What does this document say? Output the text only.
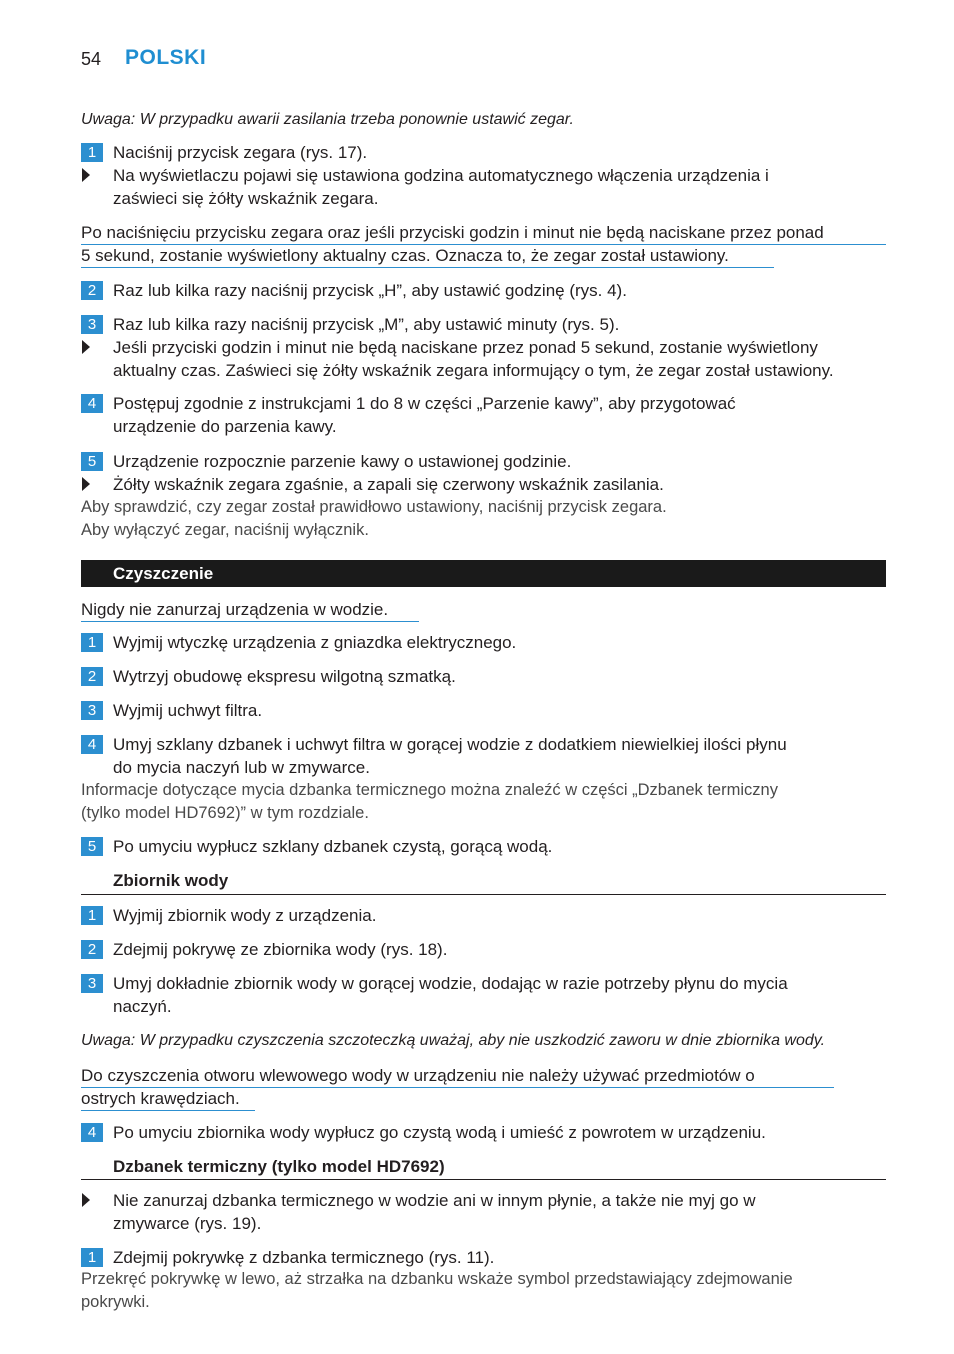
54 POLSKI
Uwaga: W przypadku awarii zasilania trzeba ponownie ustawić zegar.
1 Naciśnij przycisk zegara (rys. 17).
Na wyświetlaczu pojawi się ustawiona godzina automatycznego włączenia urządzenia i
zaświeci się żółty wskaźnik zegara.
Po naciśnięciu przycisku zegara oraz jeśli przyciski godzin i minut nie będą naciskane przez ponad
5 sekund, zostanie wyświetlony aktualny czas. Oznacza to, że zegar został ustawiony.
2 Raz lub kilka razy naciśnij przycisk „H”, aby ustawić godzinę (rys. 4).
3 Raz lub kilka razy naciśnij przycisk „M”, aby ustawić minuty (rys. 5).
Jeśli przyciski godzin i minut nie będą naciskane przez ponad 5 sekund, zostanie wyświetlony
aktualny czas. Zaświeci się żółty wskaźnik zegara informujący o tym, że zegar został ustawiony.
4 Postępuj zgodnie z instrukcjami 1 do 8 w części „Parzenie kawy”, aby przygotować
urządzenie do parzenia kawy.
5 Urządzenie rozpocznie parzenie kawy o ustawionej godzinie.
Żółty wskaźnik zegara zgaśnie, a zapali się czerwony wskaźnik zasilania.
Aby sprawdzić, czy zegar został prawidłowo ustawiony, naciśnij przycisk zegara.
Aby wyłączyć zegar, naciśnij wyłącznik.
Czyszczenie
Nigdy nie zanurzaj urządzenia w wodzie.
1 Wyjmij wtyczkę urządzenia z gniazdka elektrycznego.
2 Wytrzyj obudowę ekspresu wilgotną szmatką.
3 Wyjmij uchwyt filtra.
4 Umyj szklany dzbanek i uchwyt filtra w gorącej wodzie z dodatkiem niewielkiej ilości płynu
do mycia naczyń lub w zmywarce.
Informacje dotyczące mycia dzbanka termicznego można znaleźć w części „Dzbanek termiczny
(tylko model HD7692)” w tym rozdziale.
5 Po umyciu wypłucz szklany dzbanek czystą, gorącą wodą.
Zbiornik wody
1 Wyjmij zbiornik wody z urządzenia.
2 Zdejmij pokrywę ze zbiornika wody (rys. 18).
3 Umyj dokładnie zbiornik wody w gorącej wodzie, dodając w razie potrzeby płynu do mycia
naczyń.
Uwaga: W przypadku czyszczenia szczoteczką uważaj, aby nie uszkodzić zaworu w dnie zbiornika wody.
Do czyszczenia otworu wlewowego wody w urządzeniu nie należy używać przedmiotów o
ostrych krawędziach.
4 Po umyciu zbiornika wody wypłucz go czystą wodą i umieść z powrotem w urządzeniu.
Dzbanek termiczny (tylko model HD7692)
Nie zanurzaj dzbanka termicznego w wodzie ani w innym płynie, a także nie myj go w
zmywarce (rys. 19).
1 Zdejmij pokrywkę z dzbanka termicznego (rys. 11).
Przekręć pokrywkę w lewo, aż strzałka na dzbanku wskaże symbol przedstawiający zdejmowanie
pokrywki.
